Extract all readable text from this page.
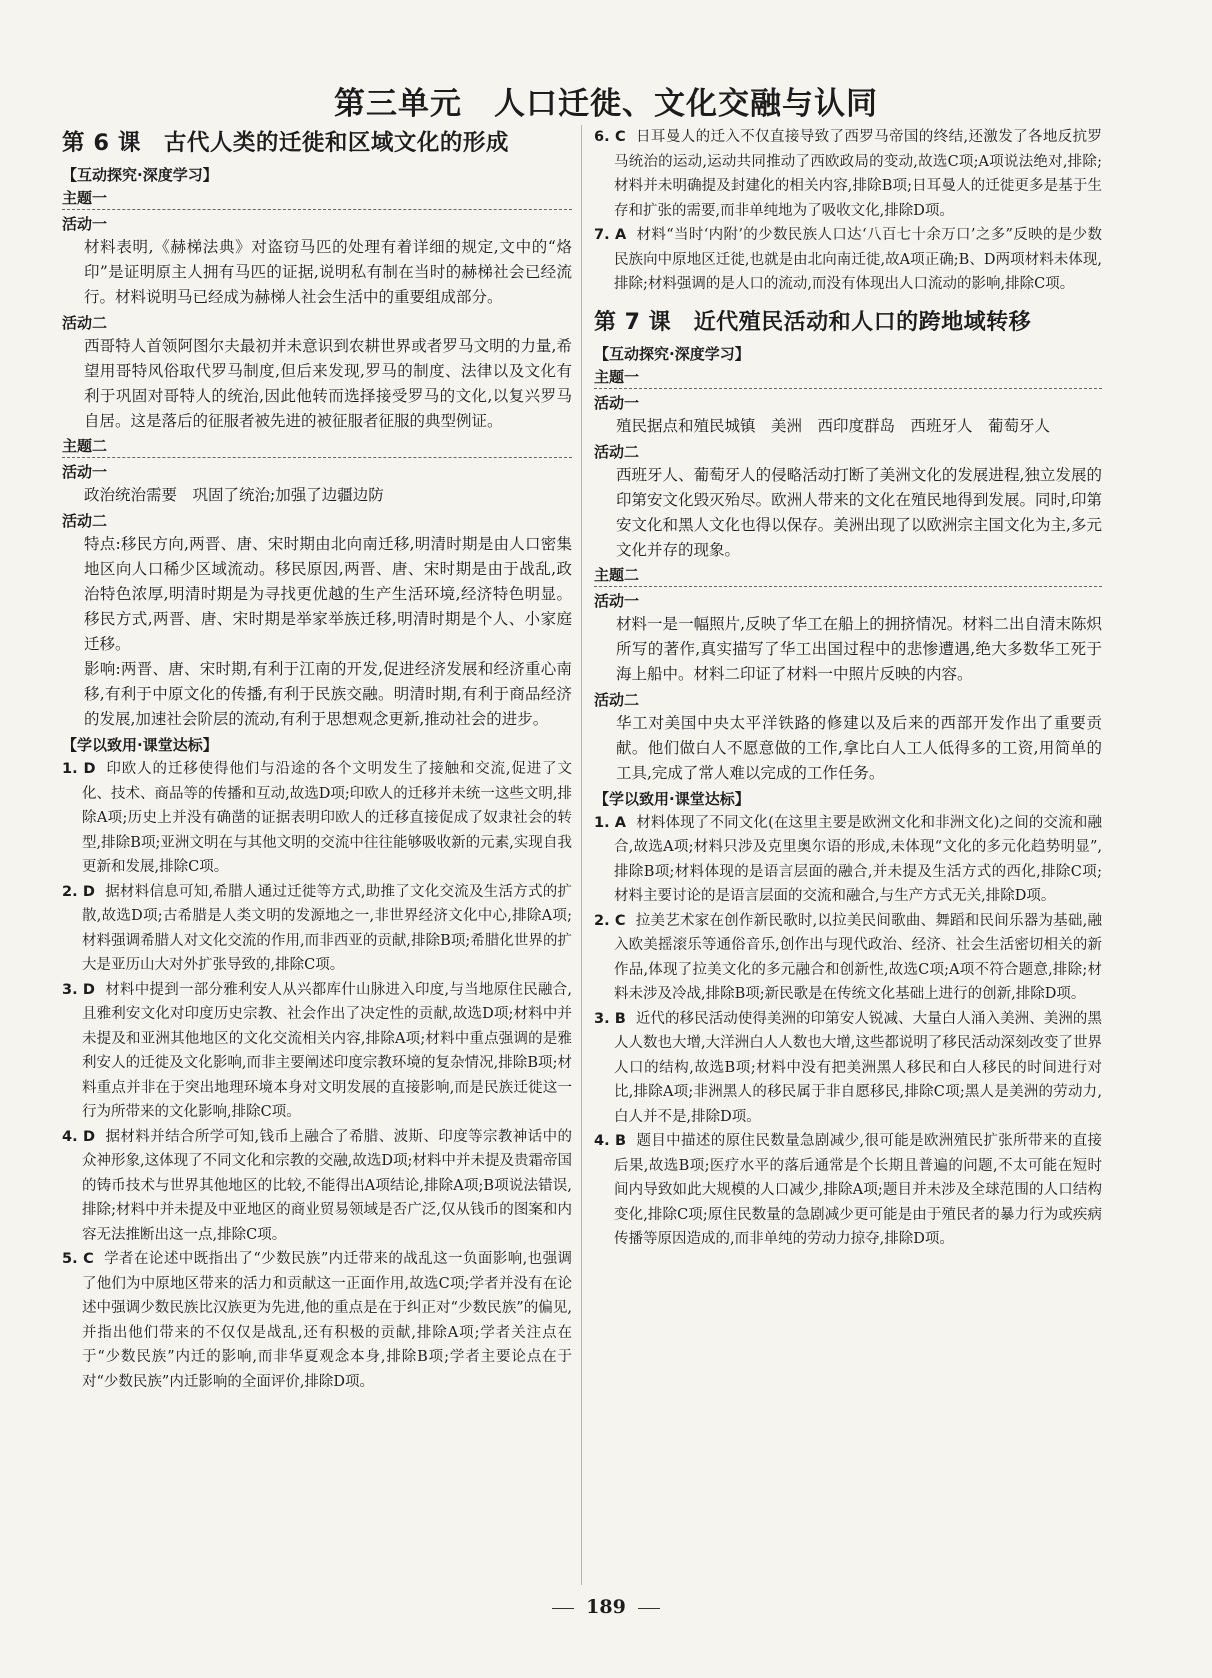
第三单元　人口迁徙、文化交融与认同
第 6 课　古代人类的迁徙和区域文化的形成
【互动探究·深度学习】
主题一
活动一

材料表明,《赫梯法典》对盗窃马匹的处理有着详细的规定,文中的“烙印”是证明原主人拥有马匹的证据,说明私有制在当时的赫梯社会已经流行。材料说明马已经成为赫梯人社会生活中的重要组成部分。

活动二

西哥特人首领阿图尔夫最初并未意识到农耕世界或者罗马文明的力量,希望用哥特风俗取代罗马制度,但后来发现,罗马的制度、法律以及文化有利于巩固对哥特人的统治,因此他转而选择接受罗马的文化,以复兴罗马自居。这是落后的征服者被先进的被征服者征服的典型例证。

主题二
活动一

政治统治需要　巩固了统治;加强了边疆边防

活动二

特点:移民方向,两晋、唐、宋时期由北向南迁移,明清时期是由人口密集地区向人口稀少区域流动。移民原因,两晋、唐、宋时期是由于战乱,政治特色浓厚,明清时期是为寻找更优越的生产生活环境,经济特色明显。移民方式,两晋、唐、宋时期是举家举族迁移,明清时期是个人、小家庭迁移。

影响:两晋、唐、宋时期,有利于江南的开发,促进经济发展和经济重心南移,有利于中原文化的传播,有利于民族交融。明清时期,有利于商品经济的发展,加速社会阶层的流动,有利于思想观念更新,推动社会的进步。

【学以致用·课堂达标】

1. D 印欧人的迁移使得他们与沿途的各个文明发生了接触和交流,促进了文化、技术、商品等的传播和互动,故选D项;印欧人的迁移并未统一这些文明,排除A项;历史上并没有确凿的证据表明印欧人的迁移直接促成了奴隶社会的转型,排除B项;亚洲文明在与其他文明的交流中往往能够吸收新的元素,实现自我更新和发展,排除C项。

2. D 据材料信息可知,希腊人通过迁徙等方式,助推了文化交流及生活方式的扩散,故选D项;古希腊是人类文明的发源地之一,非世界经济文化中心,排除A项;材料强调希腊人对文化交流的作用,而非西亚的贡献,排除B项;希腊化世界的扩大是亚历山大对外扩张导致的,排除C项。

3. D 材料中提到一部分雅利安人从兴都库什山脉进入印度,与当地原住民融合,且雅利安文化对印度历史宗教、社会作出了决定性的贡献,故选D项;材料中并未提及和亚洲其他地区的文化交流相关内容,排除A项;材料中重点强调的是雅利安人的迁徙及文化影响,而非主要阐述印度宗教环境的复杂情况,排除B项;材料重点并非在于突出地理环境本身对文明发展的直接影响,而是民族迁徙这一行为所带来的文化影响,排除C项。

4. D 据材料并结合所学可知,钱币上融合了希腊、波斯、印度等宗教神话中的众神形象,这体现了不同文化和宗教的交融,故选D项;材料中并未提及贵霜帝国的铸币技术与世界其他地区的比较,不能得出A项结论,排除A项;B项说法错误,排除;材料中并未提及中亚地区的商业贸易领域是否广泛,仅从钱币的图案和内容无法推断出这一点,排除C项。

5. C 学者在论述中既指出了“少数民族”内迁带来的战乱这一负面影响,也强调了他们为中原地区带来的活力和贡献这一正面作用,故选C项;学者并没有在论述中强调少数民族比汉族更为先进,他的重点是在于纠正对“少数民族”的偏见,并指出他们带来的不仅仅是战乱,还有积极的贡献,排除A项;学者关注点在于“少数民族”内迁的影响,而非华夏观念本身,排除B项;学者主要论点在于对“少数民族”内迁影响的全面评价,排除D项。

6. C 日耳曼人的迁入不仅直接导致了西罗马帝国的终结,还激发了各地反抗罗马统治的运动,运动共同推动了西欧政局的变动,故选C项;A项说法绝对,排除;材料并未明确提及封建化的相关内容,排除B项;日耳曼人的迁徙更多是基于生存和扩张的需要,而非单纯地为了吸收文化,排除D项。

7. A 材料“当时‘内附’的少数民族人口达‘八百七十余万口’之多”反映的是少数民族向中原地区迁徙,也就是由北向南迁徙,故A项正确;B、D两项材料未体现,排除;材料强调的是人口的流动,而没有体现出人口流动的影响,排除C项。

第 7 课　近代殖民活动和人口的跨地域转移
【互动探究·深度学习】
主题一
活动一

殖民据点和殖民城镇　美洲　西印度群岛　西班牙人　葡萄牙人

活动二

西班牙人、葡萄牙人的侵略活动打断了美洲文化的发展进程,独立发展的印第安文化毁灭殆尽。欧洲人带来的文化在殖民地得到发展。同时,印第安文化和黑人文化也得以保存。美洲出现了以欧洲宗主国文化为主,多元文化并存的现象。

主题二
活动一

材料一是一幅照片,反映了华工在船上的拥挤情况。材料二出自清末陈炽所写的著作,真实描写了华工出国过程中的悲惨遭遇,绝大多数华工死于海上船中。材料二印证了材料一中照片反映的内容。

活动二

华工对美国中央太平洋铁路的修建以及后来的西部开发作出了重要贡献。他们做白人不愿意做的工作,拿比白人工人低得多的工资,用简单的工具,完成了常人难以完成的工作任务。

【学以致用·课堂达标】

1. A 材料体现了不同文化(在这里主要是欧洲文化和非洲文化)之间的交流和融合,故选A项;材料只涉及克里奥尔语的形成,未体现“文化的多元化趋势明显”,排除B项;材料体现的是语言层面的融合,并未提及生活方式的西化,排除C项;材料主要讨论的是语言层面的交流和融合,与生产方式无关,排除D项。

2. C 拉美艺术家在创作新民歌时,以拉美民间歌曲、舞蹈和民间乐器为基础,融入欧美摇滚乐等通俗音乐,创作出与现代政治、经济、社会生活密切相关的新作品,体现了拉美文化的多元融合和创新性,故选C项;A项不符合题意,排除;材料未涉及冷战,排除B项;新民歌是在传统文化基础上进行的创新,排除D项。

3. B 近代的移民活动使得美洲的印第安人锐减、大量白人涌入美洲、美洲的黑人人数也大增,大洋洲白人人数也大增,这些都说明了移民活动深刻改变了世界人口的结构,故选B项;材料中没有把美洲黑人移民和白人移民的时间进行对比,排除A项;非洲黑人的移民属于非自愿移民,排除C项;黑人是美洲的劳动力,白人并不是,排除D项。

4. B 题目中描述的原住民数量急剧减少,很可能是欧洲殖民扩张所带来的直接后果,故选B项;医疗水平的落后通常是个长期且普遍的问题,不太可能在短时间内导致如此大规模的人口减少,排除A项;题目并未涉及全球范围的人口结构变化,排除C项;原住民数量的急剧减少更可能是由于殖民者的暴力行为或疾病传播等原因造成的,而非单纯的劳动力掠夺,排除D项。

189
